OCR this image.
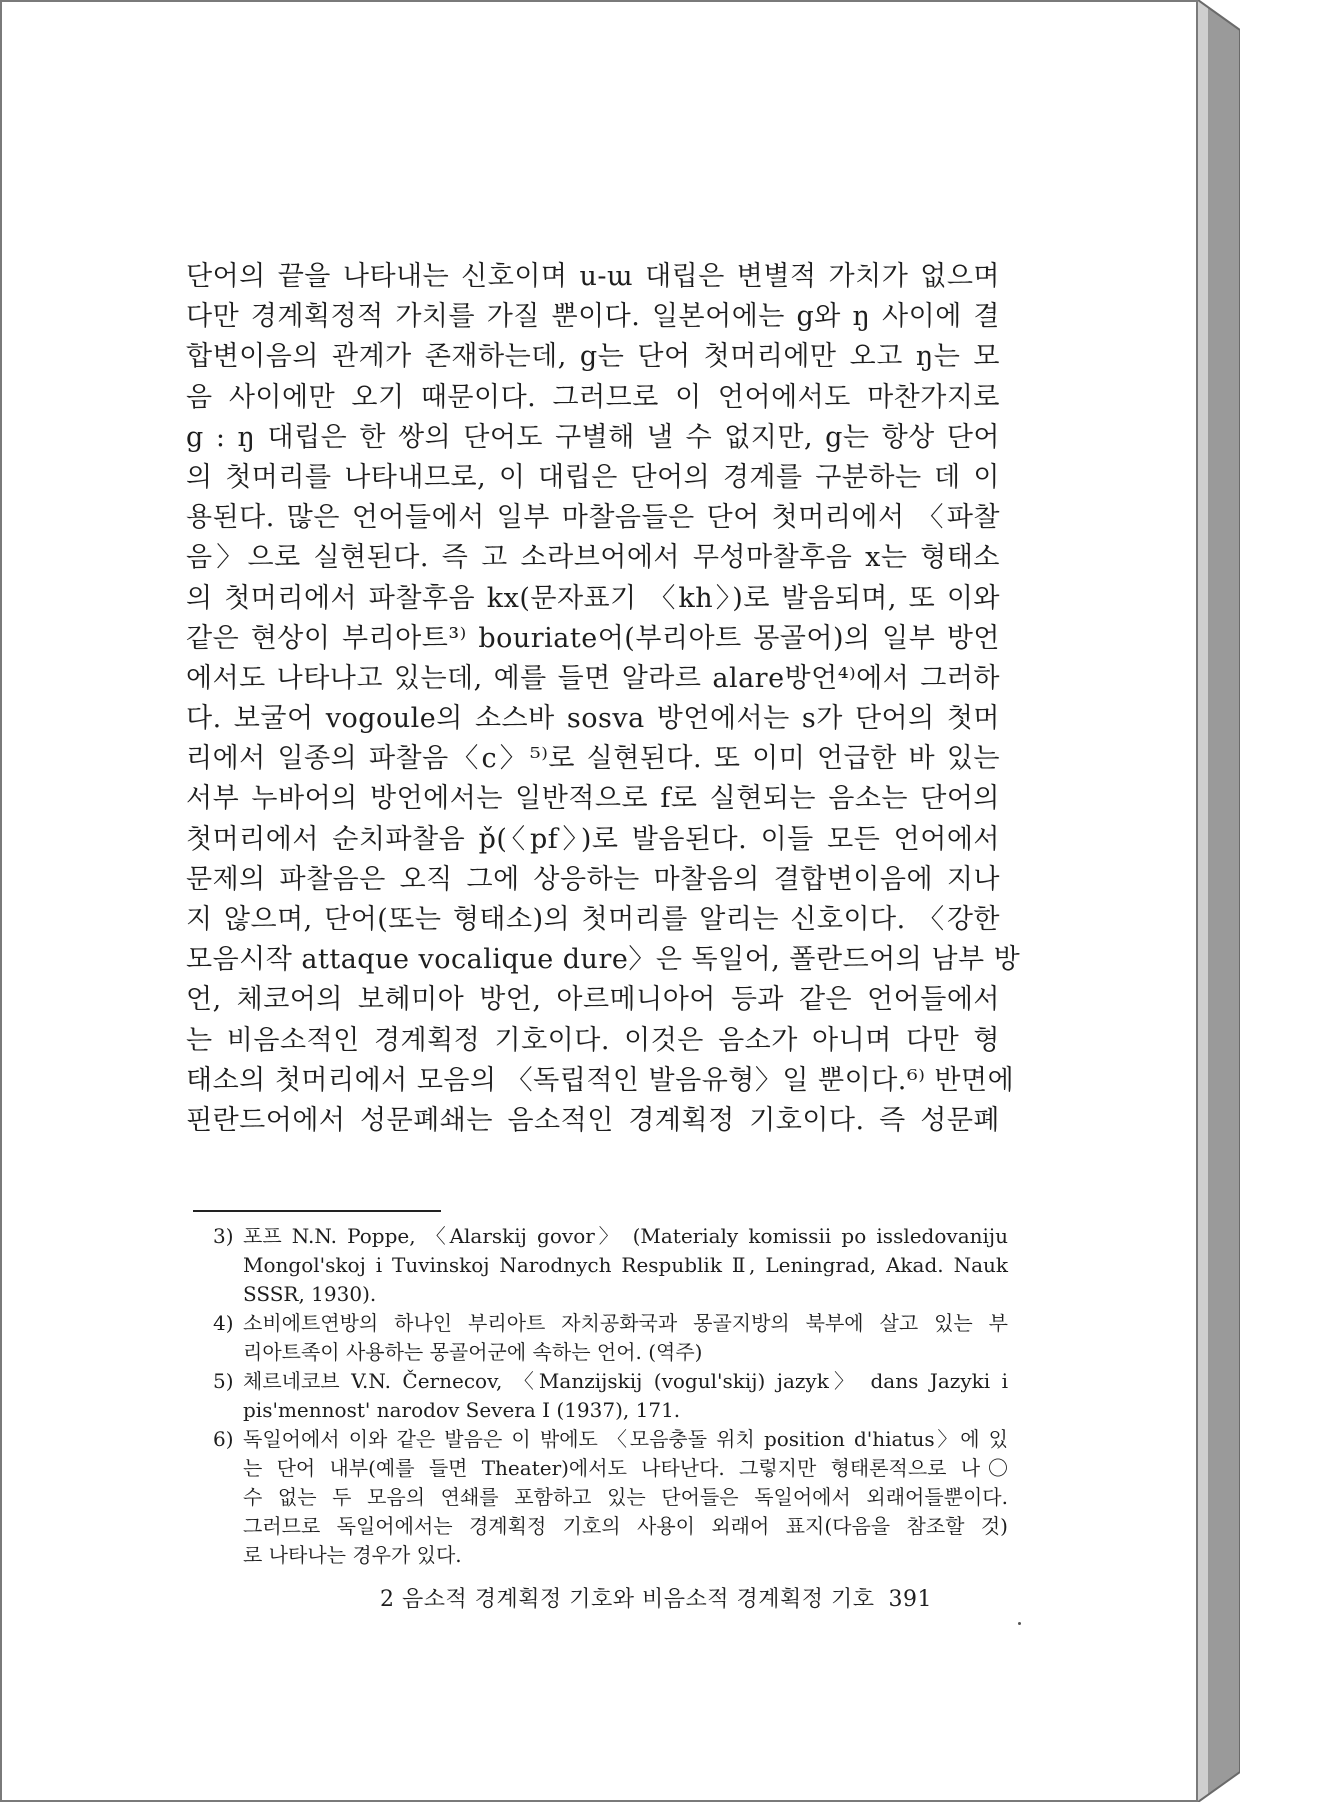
단어의 끝을 나타내는 신호이며 u-ɯ 대립은 변별적 가치가 없으며
다만 경계획정적 가치를 가질 뿐이다. 일본어에는 g와 ŋ 사이에 결
합변이음의 관계가 존재하는데, g는 단어 첫머리에만 오고 ŋ는 모
음 사이에만 오기 때문이다. 그러므로 이 언어에서도 마찬가지로
g : ŋ 대립은 한 쌍의 단어도 구별해 낼 수 없지만, g는 항상 단어
의 첫머리를 나타내므로, 이 대립은 단어의 경계를 구분하는 데 이
용된다. 많은 언어들에서 일부 마찰음들은 단어 첫머리에서 〈파찰
음〉으로 실현된다. 즉 고 소라브어에서 무성마찰후음 x는 형태소
의 첫머리에서 파찰후음 kx(문자표기 〈kh〉)로 발음되며, 또 이와
같은 현상이 부리아트³⁾ bouriate어(부리아트 몽골어)의 일부 방언
에서도 나타나고 있는데, 예를 들면 알라르 alare방언⁴⁾에서 그러하
다. 보굴어 vogoule의 소스바 sosva 방언에서는 s가 단어의 첫머
리에서 일종의 파찰음〈c〉⁵⁾로 실현된다. 또 이미 언급한 바 있는
서부 누바어의 방언에서는 일반적으로 f로 실현되는 음소는 단어의
첫머리에서 순치파찰음 p̌(〈pf〉)로 발음된다. 이들 모든 언어에서
문제의 파찰음은 오직 그에 상응하는 마찰음의 결합변이음에 지나
지 않으며, 단어(또는 형태소)의 첫머리를 알리는 신호이다. 〈강한
모음시작 attaque vocalique dure〉은 독일어, 폴란드어의 남부 방
언, 체코어의 보헤미아 방언, 아르메니아어 등과 같은 언어들에서
는 비음소적인 경계획정 기호이다. 이것은 음소가 아니며 다만 형
태소의 첫머리에서 모음의 〈독립적인 발음유형〉일 뿐이다.⁶⁾ 반면에
핀란드어에서 성문폐쇄는 음소적인 경계획정 기호이다. 즉 성문폐
3) 포프 N.N. Poppe, 〈Alarskij govor〉 (Materialy komissii po issledovaniju
Mongol'skoj i Tuvinskoj Narodnych Respublik Ⅱ, Leningrad, Akad. Nauk
SSSR, 1930).
4) 소비에트연방의 하나인 부리아트 자치공화국과 몽골지방의 북부에 살고 있는 부
리아트족이 사용하는 몽골어군에 속하는 언어. (역주)
5) 체르네코브 V.N. Černecov, 〈Manzijskij (vogul'skij) jazyk〉 dans Jazyki i
pis'mennost' narodov Severa Ⅰ (1937), 171.
6) 독일어에서 이와 같은 발음은 이 밖에도 〈모음충돌 위치 position d'hiatus〉에 있
는 단어 내부(예를 들면 Theater)에서도 나타난다. 그렇지만 형태론적으로 나〇
수 없는 두 모음의 연쇄를 포함하고 있는 단어들은 독일어에서 외래어들뿐이다.
그러므로 독일어에서는 경계획정 기호의 사용이 외래어 표지(다음을 참조할 것)
로 나타나는 경우가 있다.
2 음소적 경계획정 기호와 비음소적 경계획정 기호 391
